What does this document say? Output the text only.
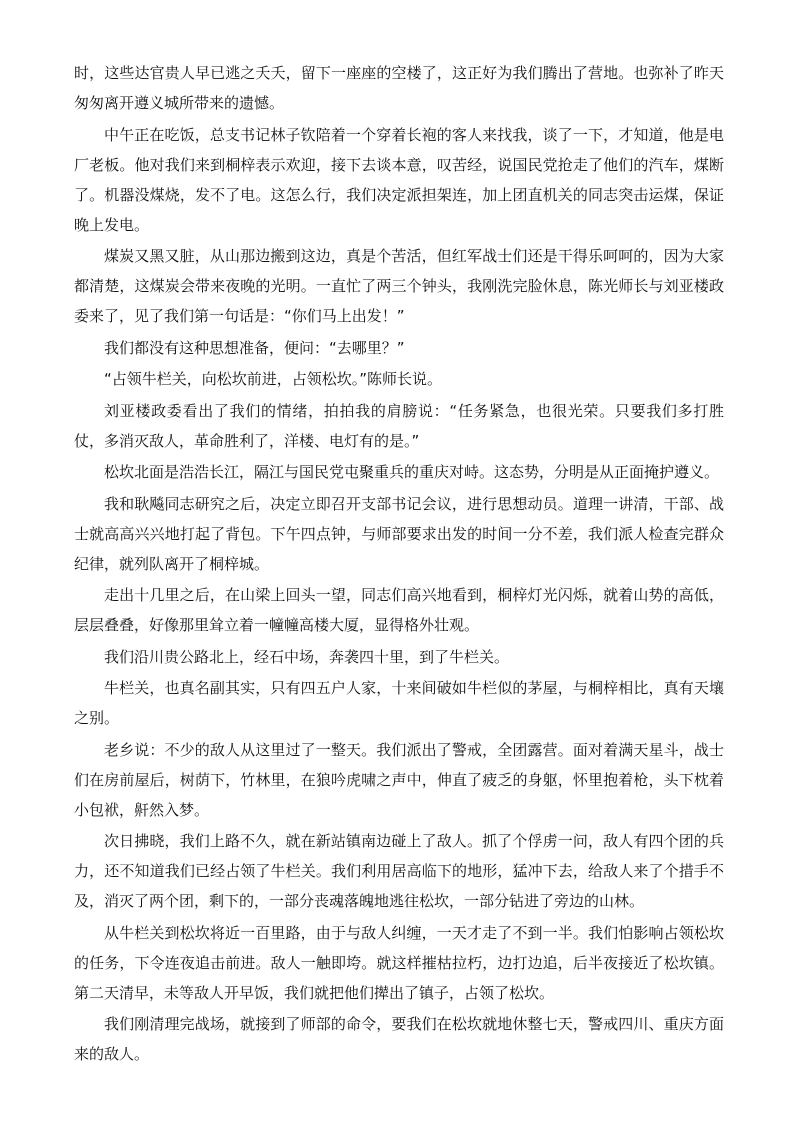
时，这些达官贵人早已逃之夭夭，留下一座座的空楼了，这正好为我们腾出了营地。也弥补了昨天匆匆离开遵义城所带来的遗憾。

中午正在吃饭，总支书记林子钦陪着一个穿着长袍的客人来找我，谈了一下，才知道，他是电厂老板。他对我们来到桐梓表示欢迎，接下去谈本意，叹苦经，说国民党抢走了他们的汽车，煤断了。机器没煤烧，发不了电。这怎么行，我们决定派担架连，加上团直机关的同志突击运煤，保证晚上发电。

煤炭又黑又脏，从山那边搬到这边，真是个苦活，但红军战士们还是干得乐呵呵的，因为大家都清楚，这煤炭会带来夜晚的光明。一直忙了两三个钟头，我刚洗完脸休息，陈光师长与刘亚楼政委来了，见了我们第一句话是：“你们马上出发！”

我们都没有这种思想准备，便问：“去哪里？”

“占领牛栏关，向松坎前进，占领松坎。”陈师长说。

刘亚楼政委看出了我们的情绪，拍拍我的肩膀说：“任务紧急，也很光荣。只要我们多打胜仗，多消灭敌人，革命胜利了，洋楼、电灯有的是。”

松坎北面是浩浩长江，隔江与国民党屯聚重兵的重庆对峙。这态势，分明是从正面掩护遵义。

我和耿飚同志研究之后，决定立即召开支部书记会议，进行思想动员。道理一讲清，干部、战士就高高兴兴地打起了背包。下午四点钟，与师部要求出发的时间一分不差，我们派人检查完群众纪律，就列队离开了桐梓城。

走出十几里之后，在山梁上回头一望，同志们高兴地看到，桐梓灯光闪烁，就着山势的高低，层层叠叠，好像那里耸立着一幢幢高楼大厦，显得格外壮观。

我们沿川贵公路北上，经石中场，奔袭四十里，到了牛栏关。

牛栏关，也真名副其实，只有四五户人家，十来间破如牛栏似的茅屋，与桐梓相比，真有天壤之别。

老乡说：不少的敌人从这里过了一整天。我们派出了警戒，全团露营。面对着满天星斗，战士们在房前屋后，树荫下，竹林里，在狼吟虎啸之声中，伸直了疲乏的身躯，怀里抱着枪，头下枕着小包袱，鼾然入梦。

次日拂晓，我们上路不久，就在新站镇南边碰上了敌人。抓了个俘虏一问，敌人有四个团的兵力，还不知道我们已经占领了牛栏关。我们利用居高临下的地形，猛冲下去，给敌人来了个措手不及，消灭了两个团，剩下的，一部分丧魂落魄地逃往松坎，一部分钻进了旁边的山林。

从牛栏关到松坎将近一百里路，由于与敌人纠缠，一天才走了不到一半。我们怕影响占领松坎的任务，下令连夜追击前进。敌人一触即垮。就这样摧枯拉朽，边打边追，后半夜接近了松坎镇。第二天清早，未等敌人开早饭，我们就把他们撵出了镇子，占领了松坎。

我们刚清理完战场，就接到了师部的命令，要我们在松坎就地休整七天，警戒四川、重庆方面来的敌人。
